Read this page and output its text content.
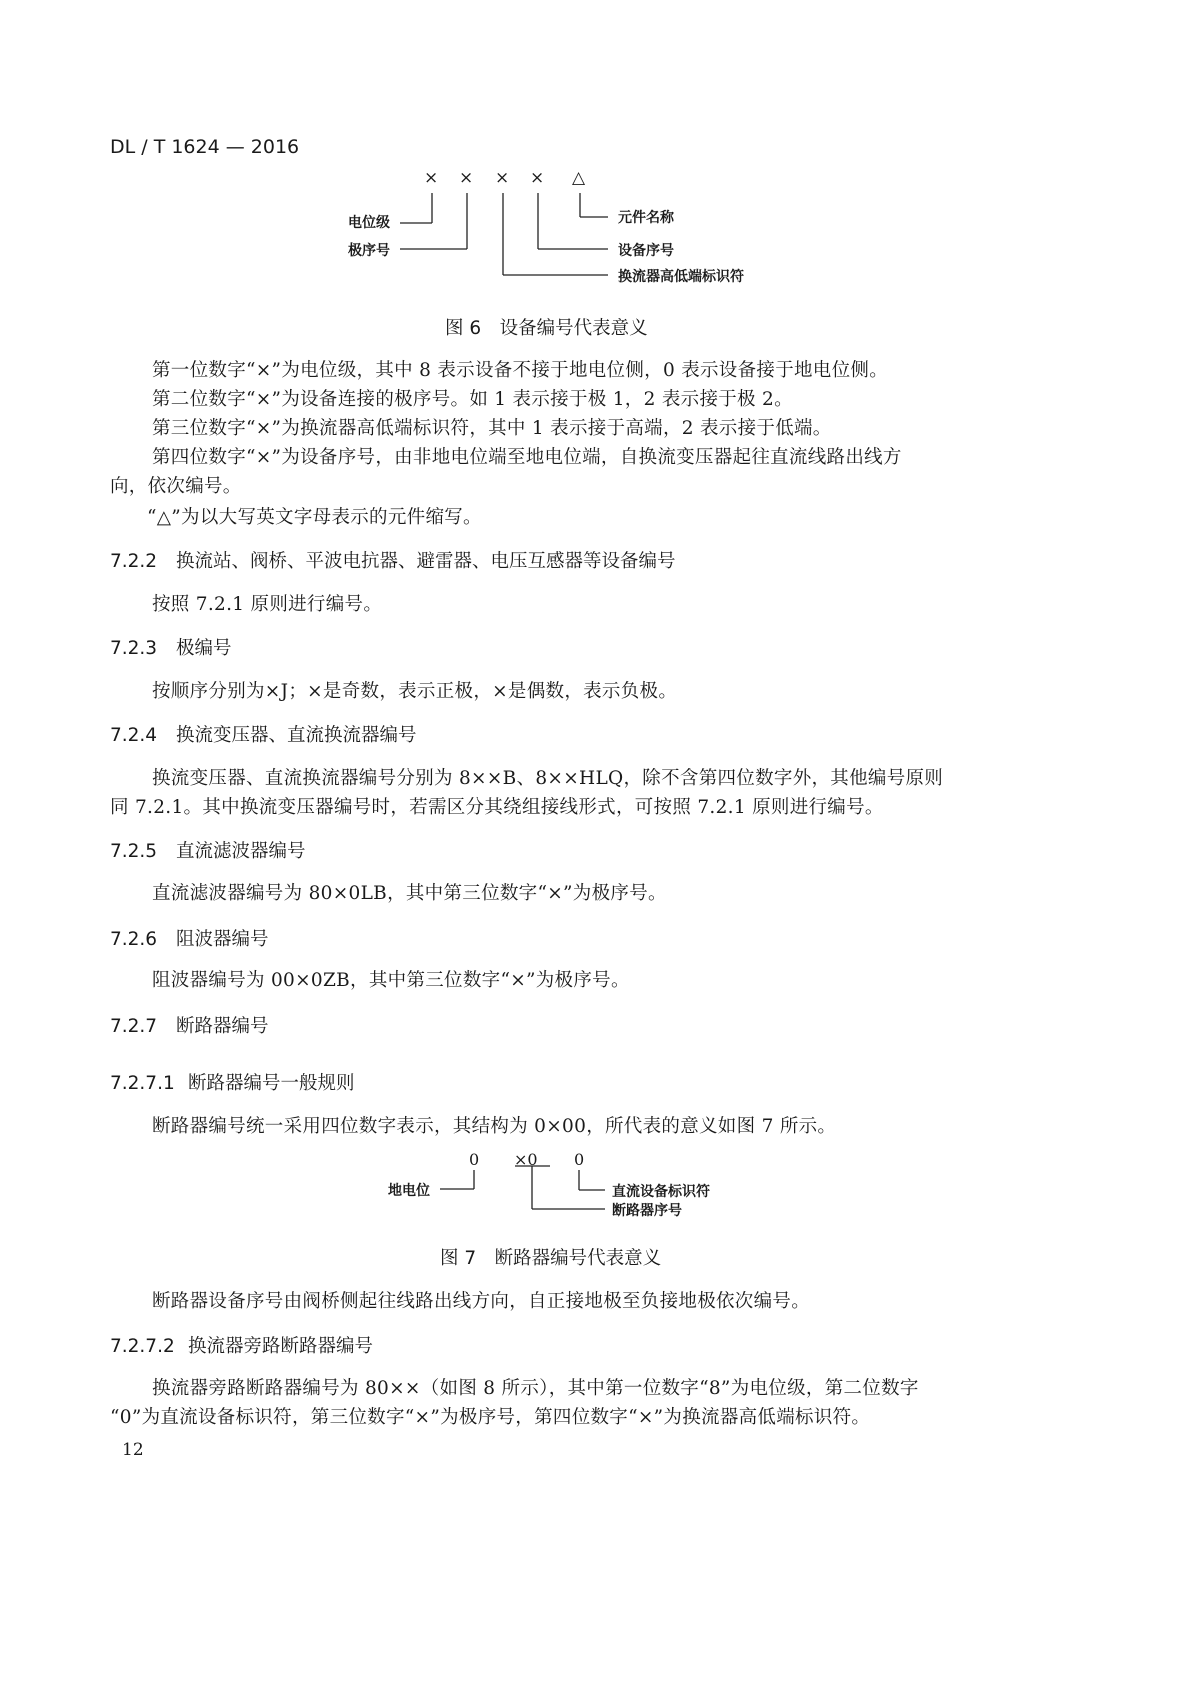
DL / T 1624 — 2016
× × × × △
电位级
极序号
元件名称
设备序号
换流器高低端标识符
图 6　设备编号代表意义
第一位数字“×”为电位级，其中 8 表示设备不接于地电位侧，0 表示设备接于地电位侧。
第二位数字“×”为设备连接的极序号。如 1 表示接于极 1，2 表示接于极 2。
第三位数字“×”为换流器高低端标识符，其中 1 表示接于高端，2 表示接于低端。
第四位数字“×”为设备序号，由非地电位端至地电位端，自换流变压器起往直流线路出线方
向，依次编号。
“△”为以大写英文字母表示的元件缩写。
7.2.2 换流站、阀桥、平波电抗器、避雷器、电压互感器等设备编号
按照 7.2.1 原则进行编号。
7.2.3 极编号
按顺序分别为×J；×是奇数，表示正极，×是偶数，表示负极。
7.2.4 换流变压器、直流换流器编号
换流变压器、直流换流器编号分别为 8××B、8××HLQ，除不含第四位数字外，其他编号原则
同 7.2.1。其中换流变压器编号时，若需区分其绕组接线形式，可按照 7.2.1 原则进行编号。
7.2.5 直流滤波器编号
直流滤波器编号为 80×0LB，其中第三位数字“×”为极序号。
7.2.6 阻波器编号
阻波器编号为 00×0ZB，其中第三位数字“×”为极序号。
7.2.7 断路器编号
7.2.7.1 断路器编号一般规则
断路器编号统一采用四位数字表示，其结构为 0×00，所代表的意义如图 7 所示。
0 ×0 0
地电位	直流设备标识符
断路器序号
图 7　断路器编号代表意义
断路器设备序号由阀桥侧起往线路出线方向，自正接地极至负接地极依次编号。
7.2.7.2 换流器旁路断路器编号
换流器旁路断路器编号为 80××（如图 8 所示），其中第一位数字“8”为电位级，第二位数字
“0”为直流设备标识符，第三位数字“×”为极序号，第四位数字“×”为换流器高低端标识符。
12
